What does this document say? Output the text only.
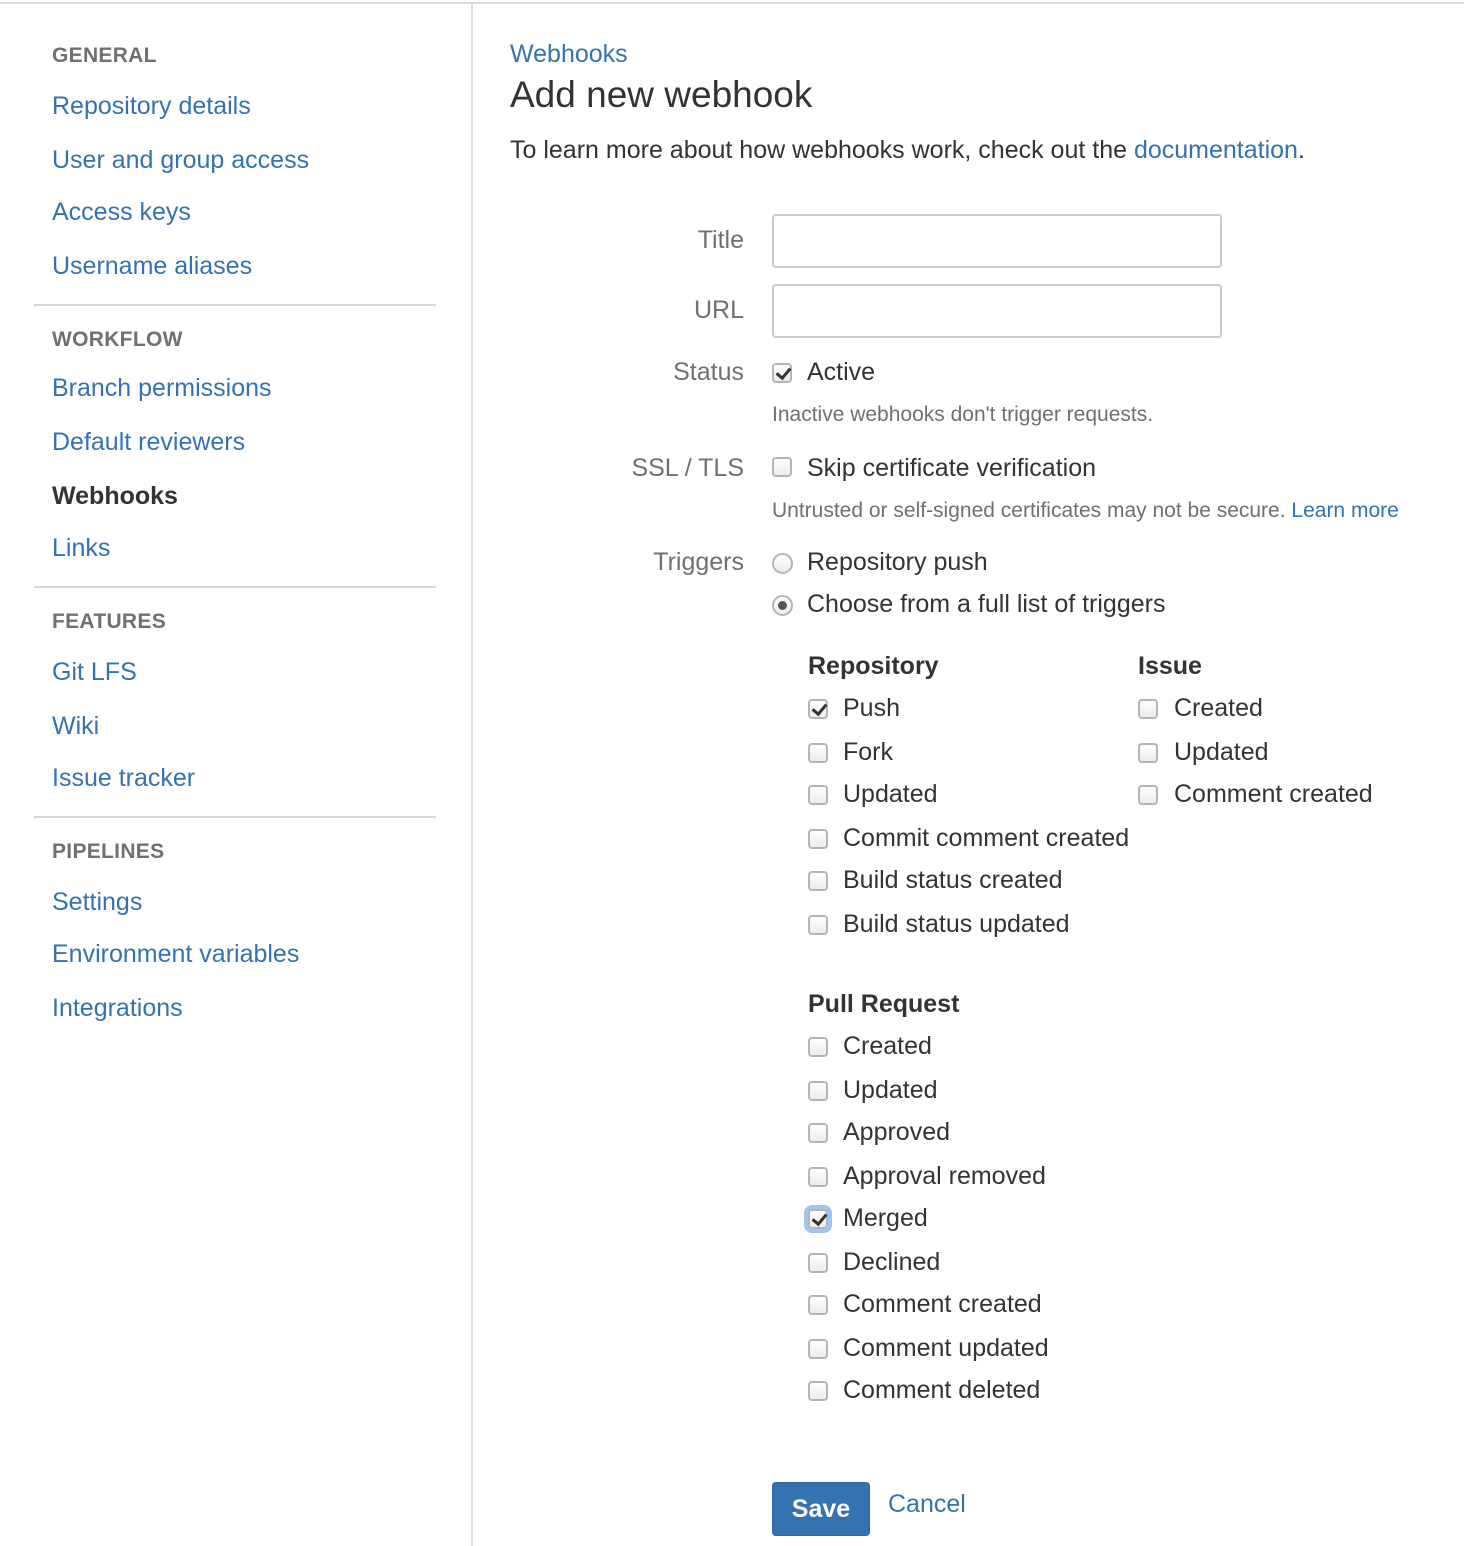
GENERAL
Repository details
User and group access
Access keys
Username aliases
WORKFLOW
Branch permissions
Default reviewers
Webhooks
Links
FEATURES
Git LFS
Wiki
Issue tracker
PIPELINES
Settings
Environment variables
Integrations
Webhooks
Add new webhook
To learn more about how webhooks work, check out the documentation.
Title
URL
Status	Active
Inactive webhooks don't trigger requests.
SSL / TLS	Skip certificate verification
Untrusted or self-signed certificates may not be secure. Learn more
Triggers	Repository push
Choose from a full list of triggers
Repository
Push
Fork
Updated
Commit comment created
Build status created
Build status updated
Issue
Created
Updated
Comment created
Pull Request
Created
Updated
Approved
Approval removed
Merged
Declined
Comment created
Comment updated
Comment deleted
Save	Cancel
